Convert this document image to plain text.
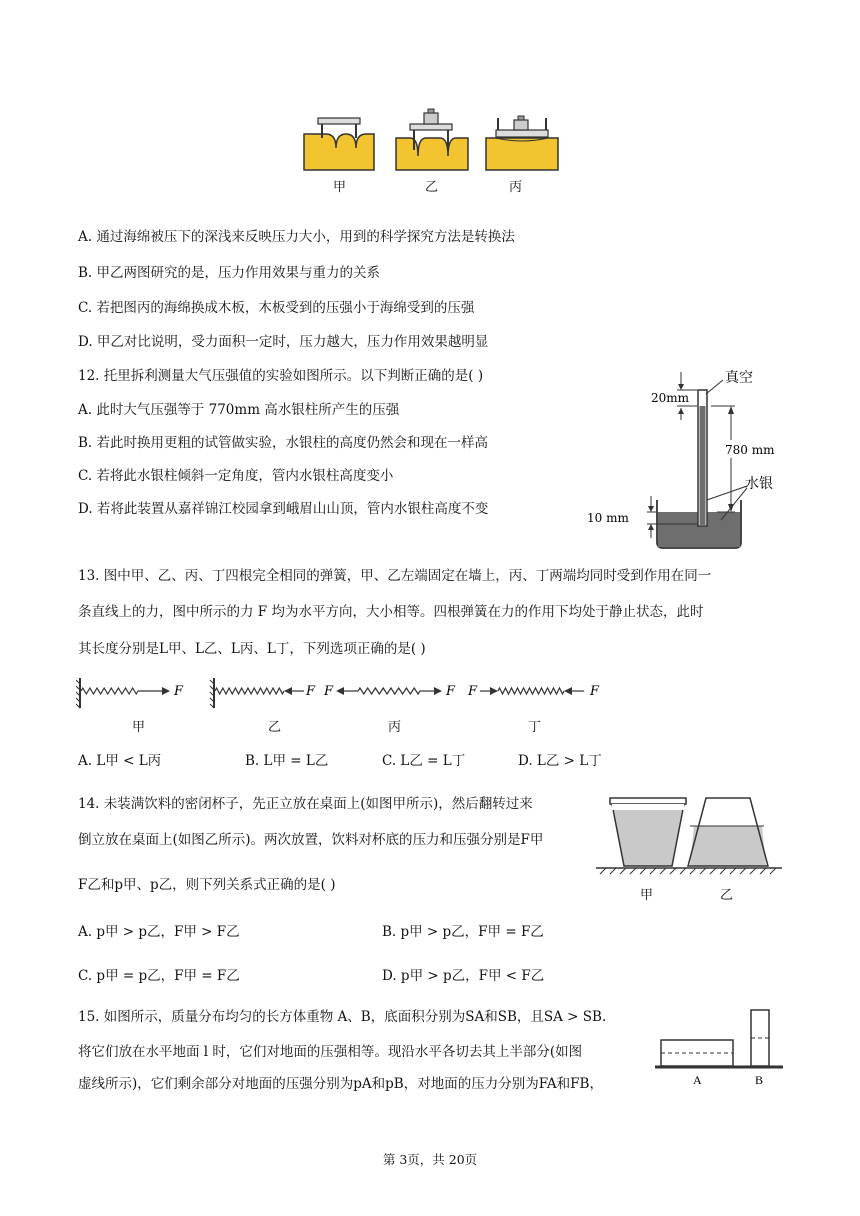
甲	乙	丙
A. 通过海绵被压下的深浅来反映压力大小，用到的科学探究方法是转换法
B. 甲乙两图研究的是，压力作用效果与重力的关系
C. 若把图丙的海绵换成木板，木板受到的压强小于海绵受到的压强
D. 甲乙对比说明，受力面积一定时，压力越大，压力作用效果越明显
12. 托里拆利测量大气压强值的实验如图所示。以下判断正确的是( )
A. 此时大气压强等于 770mm 高水银柱所产生的压强
B. 若此时换用更粗的试管做实验，水银柱的高度仍然会和现在一样高
C. 若将此水银柱倾斜一定角度，管内水银柱高度变小
D. 若将此装置从嘉祥锦江校园拿到峨眉山山顶，管内水银柱高度不变
20mm
真空
780 mm
水银
10 mm
13. 图中甲、乙、丙、丁四根完全相同的弹簧，甲、乙左端固定在墙上，丙、丁两端均同时受到作用在同一
条直线上的力，图中所示的力 F 均为水平方向，大小相等。四根弹簧在力的作用下均处于静止状态，此时
其长度分别是L甲、L乙、L丙、L丁，下列选项正确的是( )
F	F F	F F	F
甲	乙	丙	丁
A. L甲 < L丙	B. L甲 = L乙	C. L乙 = L丁	D. L乙 > L丁
14. 未装满饮料的密闭杯子，先正立放在桌面上(如图甲所示)，然后翻转过来
倒立放在桌面上(如图乙所示)。两次放置，饮料对杯底的压力和压强分别是F甲
F乙和p甲、p乙，则下列关系式正确的是( )
甲	乙
A. p甲 > p乙，F甲 > F乙	B. p甲 > p乙，F甲 = F乙
C. p甲 = p乙，F甲 = F乙	D. p甲 > p乙，F甲 < F乙
15. 如图所示，质量分布均匀的长方体重物 A、B，底面积分别为SA和SB，且SA > SB.
将它们放在水平地面 l 时，它们对地面的压强相等。现沿水平各切去其上半部分(如图
虚线所示)，它们剩余部分对地面的压强分别为pA和pB，对地面的压力分别为FA和FB，	A	B
第 3页，共 20页
